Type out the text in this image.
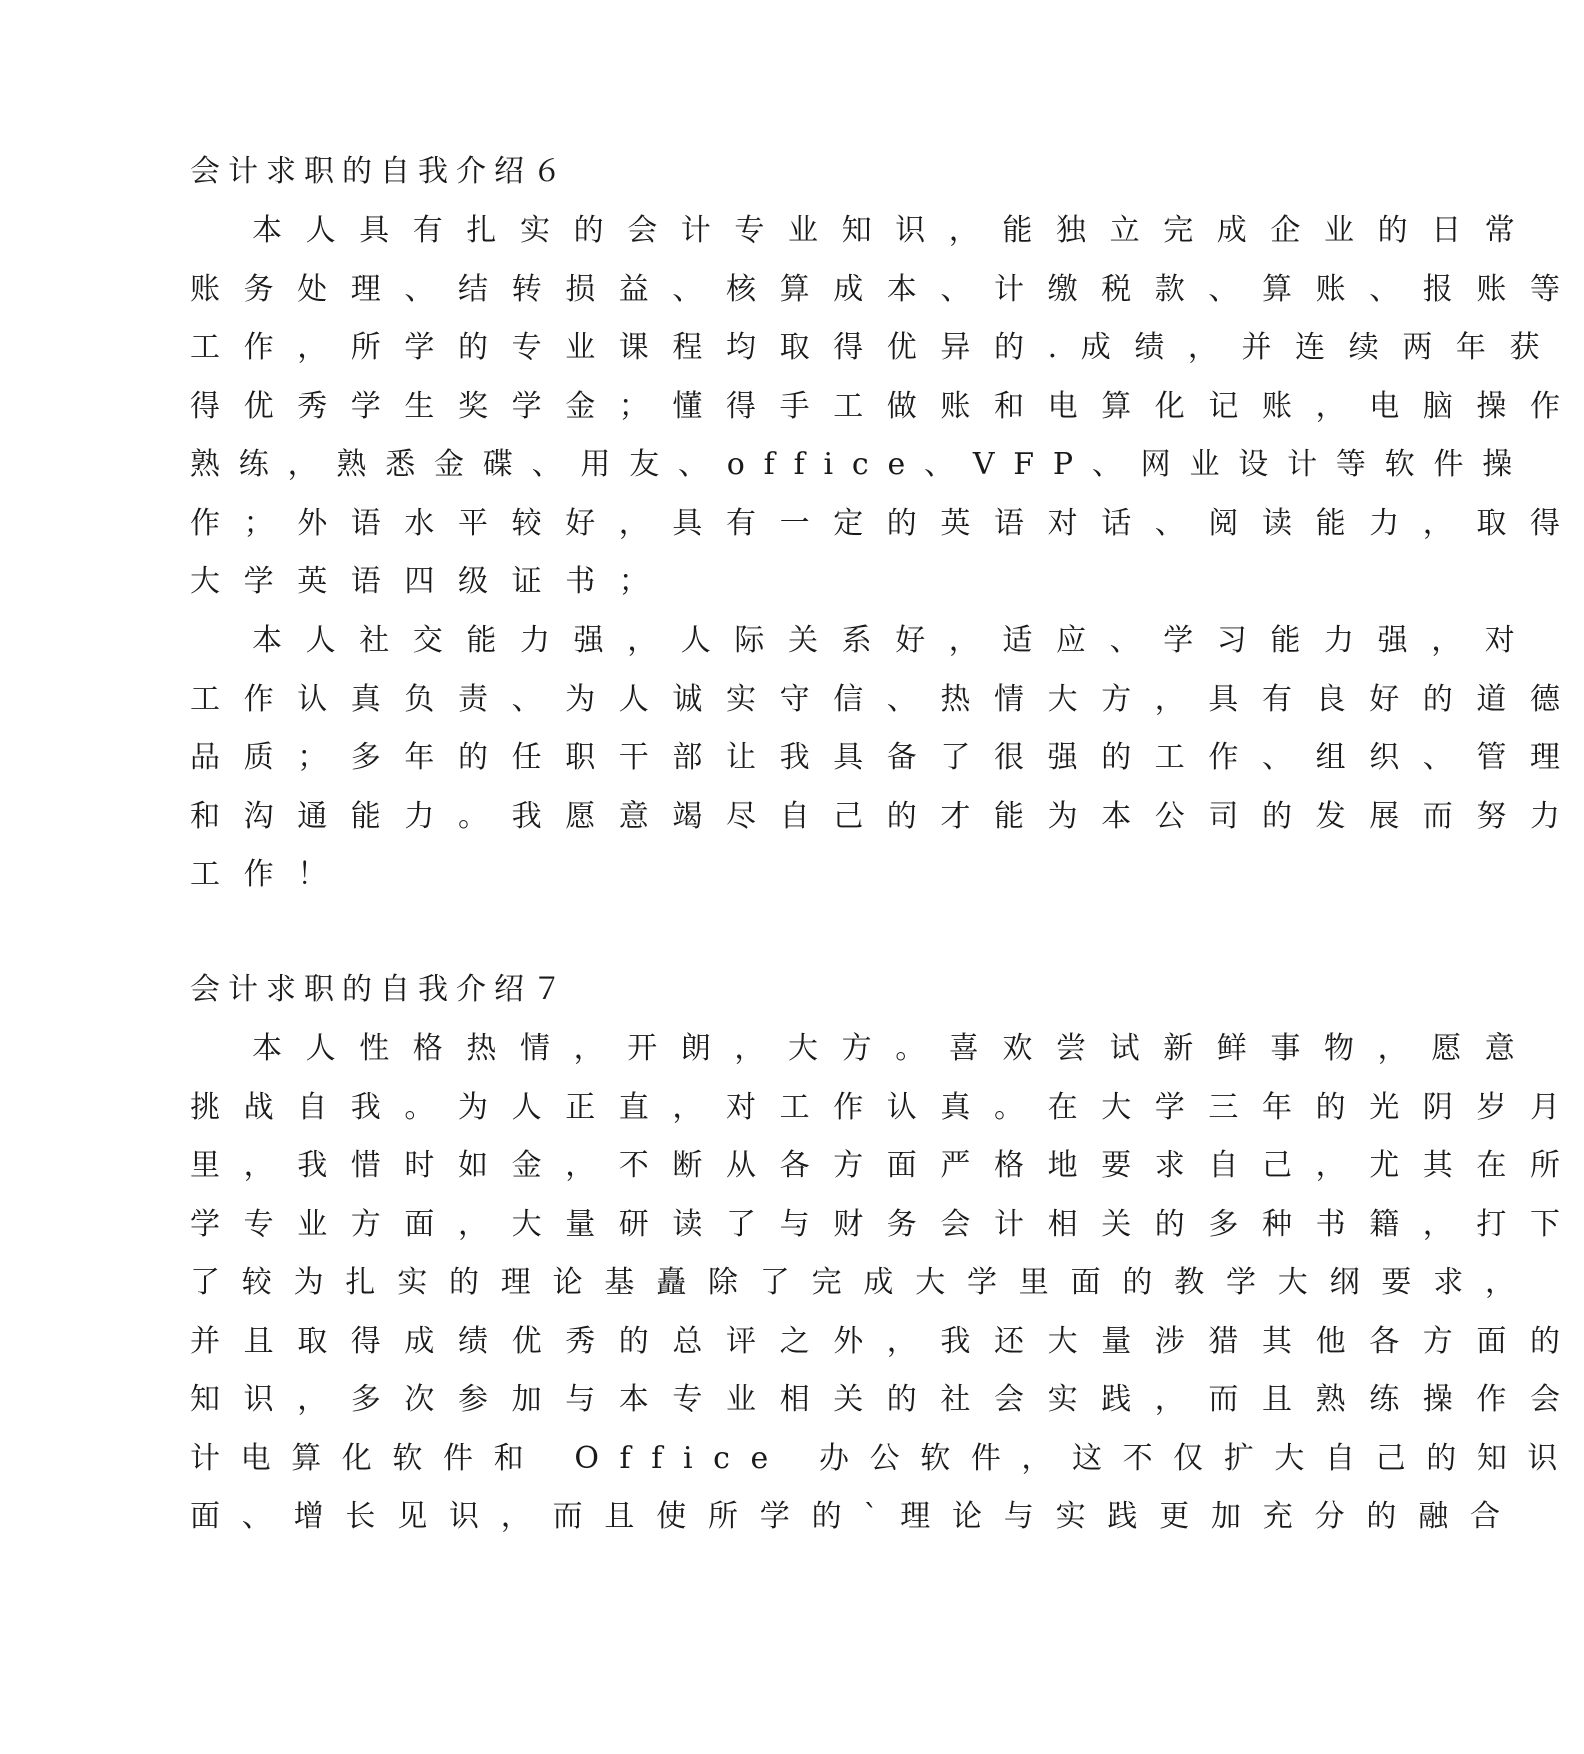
会计求职的自我介绍６
本人具有扎实的会计专业知识，能独立完成企业的日常
账务处理、结转损益、核算成本、计缴税款、算账、报账等
工作，所学的专业课程均取得优异的.成绩，并连续两年获
得优秀学生奖学金；懂得手工做账和电算化记账，电脑操作
熟练，熟悉金碟、用友、office、VFP、网业设计等软件操
作；外语水平较好，具有一定的英语对话、阅读能力，取得
大学英语四级证书；
本人社交能力强，人际关系好，适应、学习能力强，对
工作认真负责、为人诚实守信、热情大方，具有良好的道德
品质；多年的任职干部让我具备了很强的工作、组织、管理
和沟通能力。我愿意竭尽自己的才能为本公司的发展而努力
工作！
会计求职的自我介绍７
本人性格热情，开朗，大方。喜欢尝试新鲜事物，愿意
挑战自我。为人正直，对工作认真。在大学三年的光阴岁月
里，我惜时如金，不断从各方面严格地要求自己，尤其在所
学专业方面，大量研读了与财务会计相关的多种书籍，打下
了较为扎实的理论基矗除了完成大学里面的教学大纲要求，
并且取得成绩优秀的总评之外，我还大量涉猎其他各方面的
知识，多次参加与本专业相关的社会实践，而且熟练操作会
计电算化软件和 Office 办公软件，这不仅扩大自己的知识
面、增长见识，而且使所学的`理论与实践更加充分的融合
